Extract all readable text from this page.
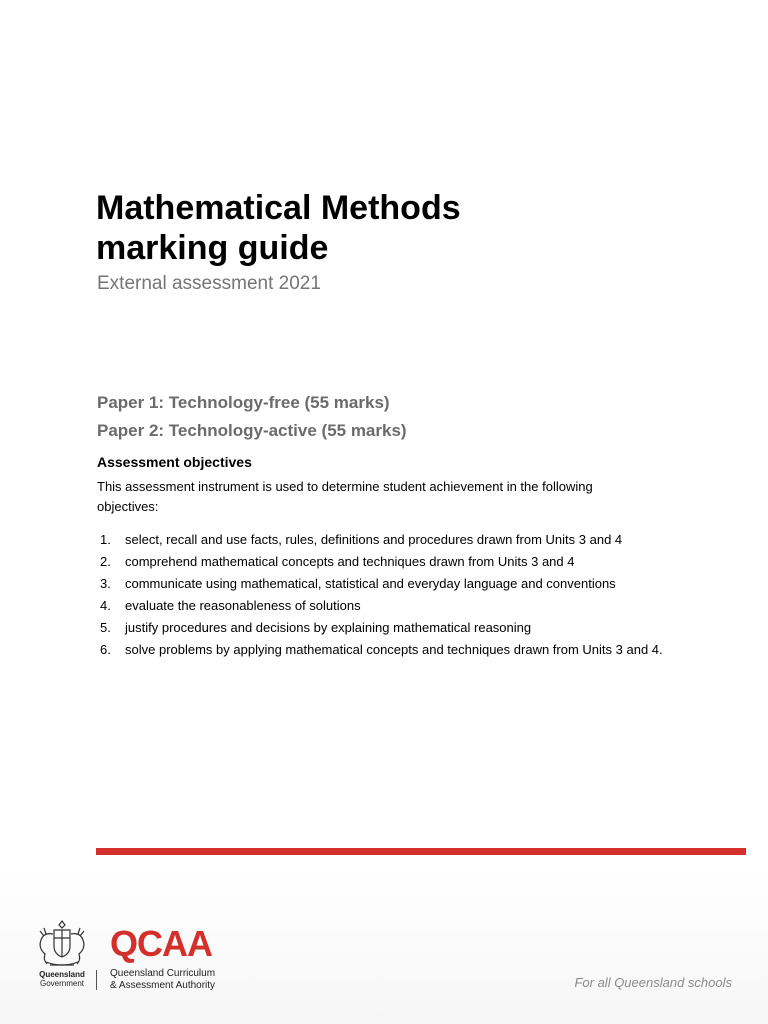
Mathematical Methods
marking guide
External assessment 2021
Paper 1: Technology-free (55 marks)
Paper 2: Technology-active (55 marks)
Assessment objectives
This assessment instrument is used to determine student achievement in the following objectives:
1. select, recall and use facts, rules, definitions and procedures drawn from Units 3 and 4
2. comprehend mathematical concepts and techniques drawn from Units 3 and 4
3. communicate using mathematical, statistical and everyday language and conventions
4. evaluate the reasonableness of solutions
5. justify procedures and decisions by explaining mathematical reasoning
6. solve problems by applying mathematical concepts and techniques drawn from Units 3 and 4.
Queensland
Government
QCAA
Queensland Curriculum
& Assessment Authority	For all Queensland schools
